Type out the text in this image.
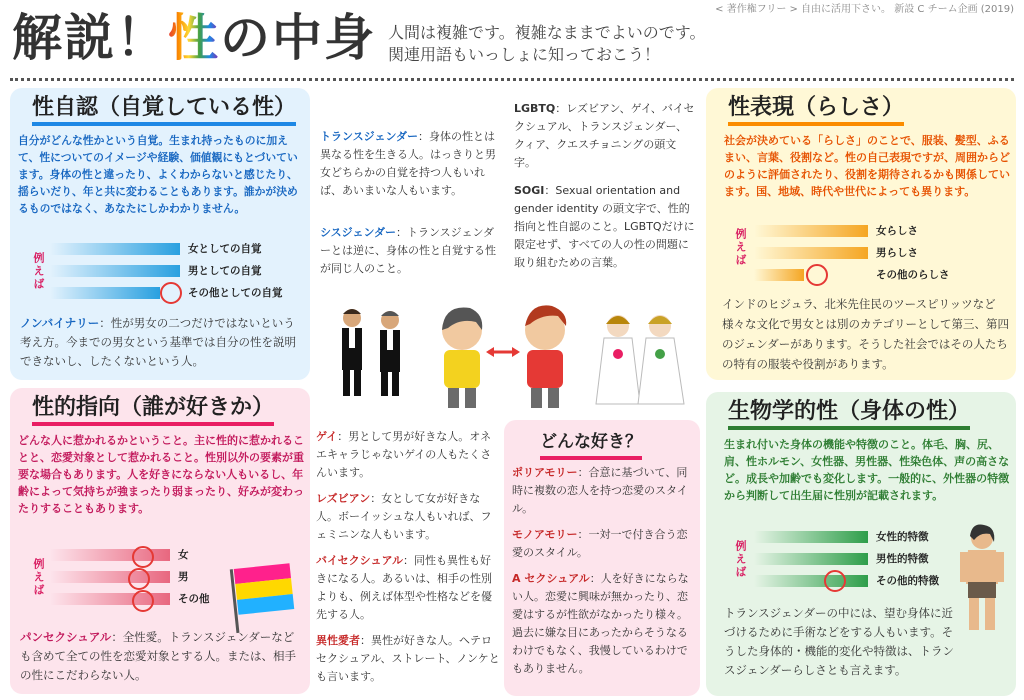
< 著作権フリー > 自由に活用下さい。 新設 C チーム企画 (2019)
解説！性の中身 人間は複雑です。複雑なままでよいのです。
関連用語もいっしょに知っておこう！
性自認（自覚している性）
自分がどんな性かという自覚。生まれ持ったものに加えて、性についてのイメージや経験、価値観にもとづいています。身体の性と違ったり、よくわからないと感じたり、揺らいだり、年と共に変わることもあります。誰かが決めるものではなく、あなたにしかわかりません。
例えば
女としての自覚
男としての自覚
その他としての自覚
ノンバイナリー：性が男女の二つだけではないという考え方。今までの男女という基準では自分の性を説明できないし、したくないという人。
トランスジェンダー：身体の性とは異なる性を生きる人。はっきりと男女どちらかの自覚を持つ人もいれば、あいまいな人もいます。
シスジェンダー：トランスジェンダーとは逆に、身体の性と自覚する性が同じ人のこと。
LGBTQ：レズビアン、ゲイ、バイセクシュアル、トランスジェンダー、クィア、クエスチョニングの頭文字。
SOGI：Sexual orientation and gender identity の頭文字で、性的指向と性自認のこと。LGBTQだけに限定せず、すべての人の性の問題に取り組むための言葉。
性表現（らしさ）
社会が決めている「らしさ」のことで、服装、髪型、ふるまい、言葉、役割など。性の自己表現ですが、周囲からどのように評価されたり、役割を期待されるかも関係しています。国、地域、時代や世代によっても異ります。
例えば	女らしさ
男らしさ
その他のらしさ
インドのヒジュラ、北米先住民のツースピリッツなど様々な文化で男女とは別のカテゴリーとして第三、第四のジェンダーがあります。そうした社会ではその人たちの特有の服装や役割があります。
性的指向（誰が好きか）
どんな人に惹かれるかということ。主に性的に惹かれることと、恋愛対象として惹かれること。性別以外の要素が重要な場合もあります。人を好きにならない人もいるし、年齢によって気持ちが強まったり弱まったり、好みが変わったりすることもあります。
例えば
女
男
その他
パンセクシュアル：全性愛。トランスジェンダーなども含めて全ての性を恋愛対象とする人。または、相手の性にこだわらない人。
ゲイ：男として男が好きな人。オネエキャラじゃないゲイの人もたくさんいます。
レズビアン：女として女が好きな人。ボーイッシュな人もいれば、フェミニンな人もいます。
バイセクシュアル：同性も異性も好きになる人。あるいは、相手の性別よりも、例えば体型や性格などを優先する人。
異性愛者：異性が好きな人。ヘテロセクシュアル、ストレート、ノンケとも言います。
どんな好き？
ポリアモリー：合意に基づいて、同時に複数の恋人を持つ恋愛のスタイル。
モノアモリー：一対一で付き合う恋愛のスタイル。
A セクシュアル：人を好きにならない人。恋愛に興味が無かったり、恋愛はするが性欲がなかったり様々。過去に嫌な目にあったからそうなるわけでもなく、我慢しているわけでもありません。
生物学的性（身体の性）
生まれ付いた身体の機能や特徴のこと。体毛、胸、尻、肩、性ホルモン、女性器、男性器、性染色体、声の高さなど。成長や加齢でも変化します。一般的に、外性器の特徴から判断して出生届に性別が記載されます。
例えば
女性的特徴
男性的特徴
その他的特徴
トランスジェンダーの中には、望む身体に近づけるために手術などをする人もいます。そうした身体的・機能的変化や特徴は、トランスジェンダーらしさとも言えます。
